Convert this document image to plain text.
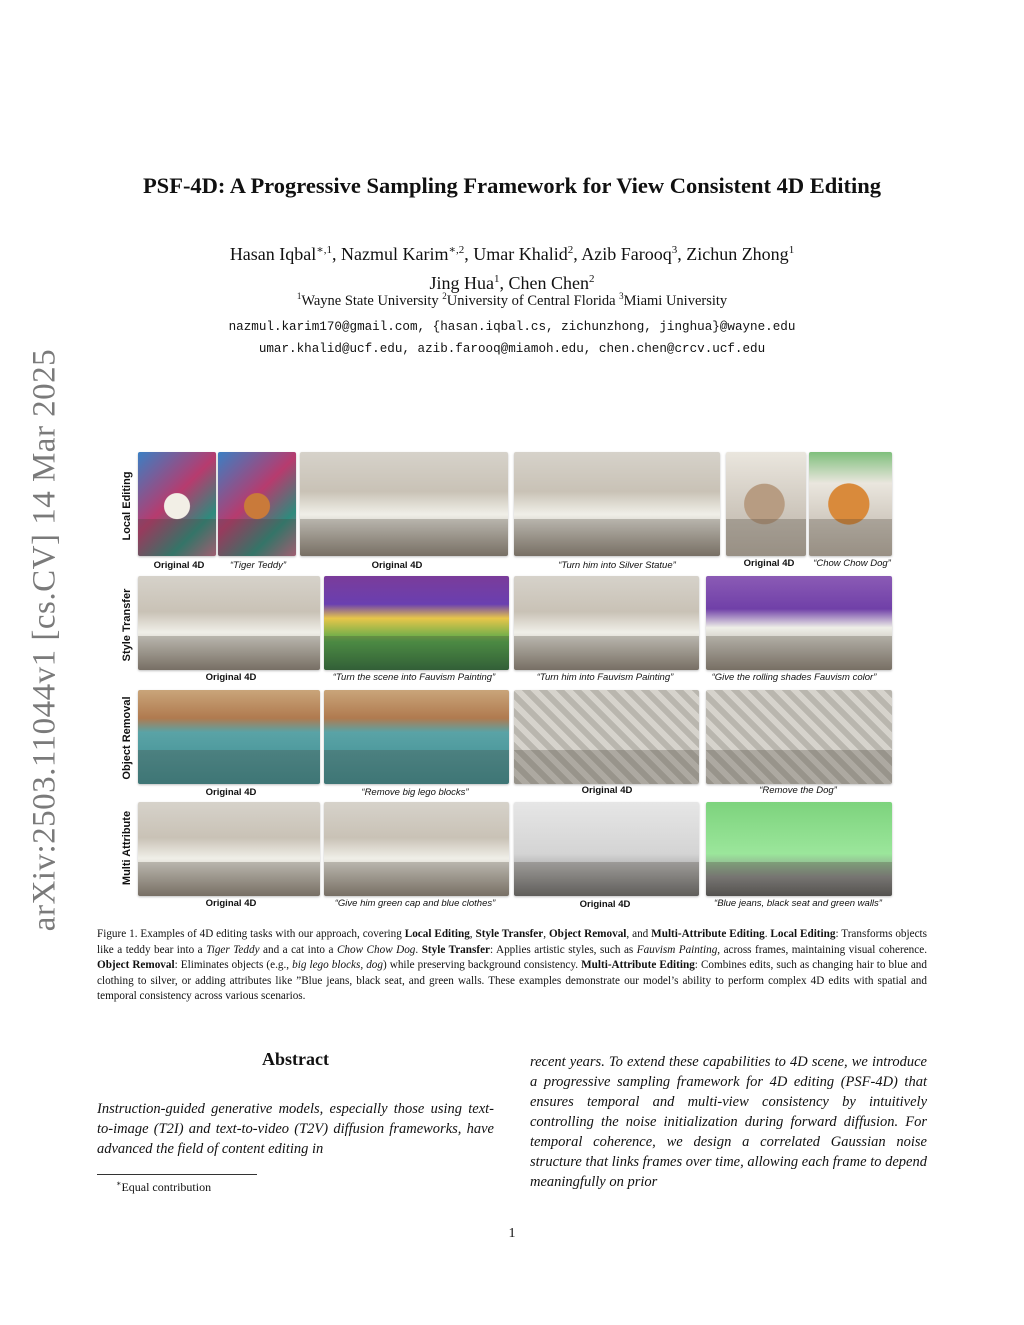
arXiv:2503.11044v1 [cs.CV] 14 Mar 2025
PSF-4D: A Progressive Sampling Framework for View Consistent 4D Editing
Hasan Iqbal$^{∗,1}$, Nazmul Karim$^{∗,2}$, Umar Khalid$^2$, Azib Farooq$^3$, Zichun Zhong$^1$
Jing Hua$^1$, Chen Chen$^2$
$^1$Wayne State University $^2$University of Central Florida $^3$Miami University
nazmul.karim170@gmail.com, {hasan.iqbal.cs, zichunzhong, jinghua}@wayne.edu
umar.khalid@ucf.edu, azib.farooq@miamoh.edu, chen.chen@crcv.ucf.edu
Local Editing
Style Transfer
Object Removal
Multi Attribute
Original 4D	“Tiger Teddy”	Original 4D	“Turn him into Silver Statue”	Original 4D “Chow Chow Dog”
Original 4D	“Turn the scene into Fauvism Painting”	“Turn him into Fauvism Painting”	“Give the rolling shades Fauvism color”
Original 4D	“Remove big lego blocks”	Original 4D	“Remove the Dog”
Original 4D	“Give him green cap and blue clothes”	Original 4D	“Blue jeans, black seat and green walls”
Figure 1. Examples of 4D editing tasks with our approach, covering Local Editing, Style Transfer, Object Removal, and Multi-Attribute Editing. Local Editing: Transforms objects like a teddy bear into a Tiger Teddy and a cat into a Chow Chow Dog. Style Transfer: Applies artistic styles, such as Fauvism Painting, across frames, maintaining visual coherence. Object Removal: Eliminates objects (e.g., big lego blocks, dog) while preserving background consistency. Multi-Attribute Editing: Combines edits, such as changing hair to blue and clothing to silver, or adding attributes like ”Blue jeans, black seat, and green walls. These examples demonstrate our model’s ability to perform complex 4D edits with spatial and temporal consistency across various scenarios.
Abstract

Instruction-guided generative models, especially those using text-to-image (T2I) and text-to-video (T2V) diffusion frameworks, have advanced the field of content editing in

recent years. To extend these capabilities to 4D scene, we introduce a progressive sampling framework for 4D editing (PSF-4D) that ensures temporal and multi-view consistency by intuitively controlling the noise initialization during forward diffusion. For temporal coherence, we design a correlated Gaussian noise structure that links frames over time, allowing each frame to depend meaningfully on prior

∗Equal contribution
1
